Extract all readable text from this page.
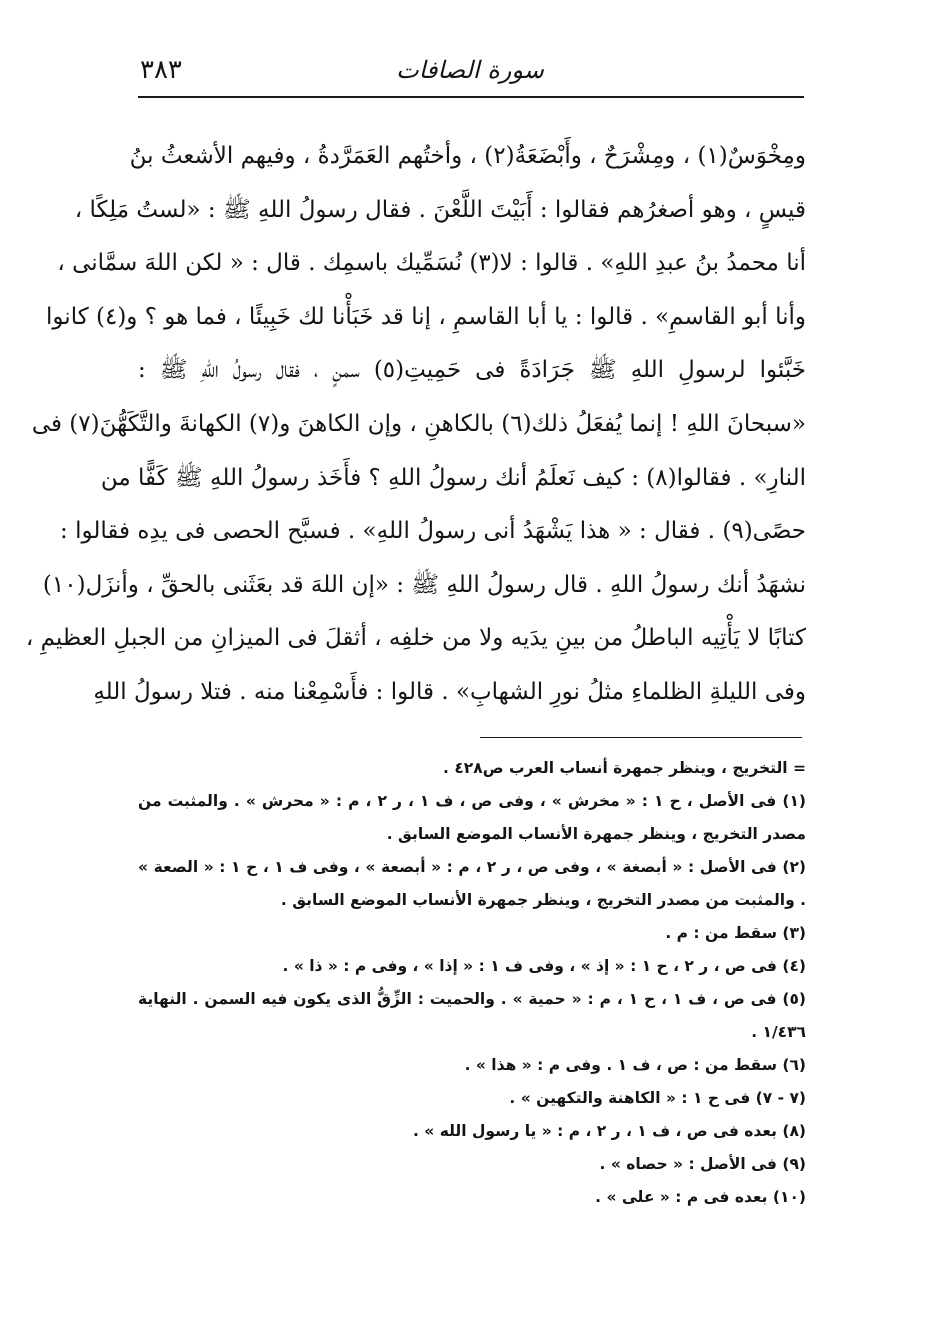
٣٨٣	سورة الصافات
ومِخْوَسٌ(١) ، ومِشْرَحٌ ، وأَبْضَعَةُ(٢) ، وأختُهم العَمَرَّدةُ ، وفيهم الأشعثُ بنُ
قيسٍ ، وهو أصغرُهم فقالوا : أَبَيْتَ اللَّعْنَ . فقال رسولُ اللهِ ﷺ : «لستُ مَلِكًا ،
أنا محمدُ بنُ عبدِ اللهِ» . قالوا : لا(٣) نُسَمِّيك باسمِك . قال : « لكن اللهَ سمَّانى ،
وأنا أبو القاسمِ» . قالوا : يا أبا القاسمِ ، إنا قد خَبَأْنا لك خَبِيئًا ، فما هو ؟ و(٤) كانوا
خَبَّئوا لرسولِ اللهِ ﷺ جَرَادَةً فى حَمِيتِ(٥) سمنٍ ، فقال رسولُ اللهِ ﷺ :
«سبحانَ اللهِ ! إنما يُفعَلُ ذلك(٦) بالكاهنِ ، وإن الكاهنَ و(٧) الكهانةَ والتَّكَهُّنَ(٧) فى
النارِ» . فقالوا(٨) : كيف نَعلَمُ أنك رسولُ اللهِ ؟ فأَخَذ رسولُ اللهِ ﷺ كَفًّا من
حصًى(٩) . فقال : « هذا يَشْهَدُ أنى رسولُ اللهِ» . فسبَّح الحصى فى يدِه فقالوا :
نشهَدُ أنك رسولُ اللهِ . قال رسولُ اللهِ ﷺ : «إن اللهَ قد بعَثَنى بالحقِّ ، وأنزَل(١٠)
كتابًا لا يَأْتِيه الباطلُ من بينِ يدَيه ولا من خلفِه ، أثقلَ فى الميزانِ من الجبلِ العظيمِ ،
وفى الليلةِ الظلماءِ مثلُ نورِ الشهابِ» . قالوا : فأَسْمِعْنا منه . فتلا رسولُ اللهِ
= التخريج ، وينظر جمهرة أنساب العرب ص٤٢٨ .
(١) فى الأصل ، ح ١ : « مخرش » ، وفى ص ، ف ١ ، ر ٢ ، م : « محرش » . والمثبت من مصدر التخريج ، وينظر جمهرة الأنساب الموضع السابق .
(٢) فى الأصل : « أبصغة » ، وفى ص ، ر ٢ ، م : « أبصعة » ، وفى ف ١ ، ح ١ : « الصعة » . والمثبت من مصدر التخريج ، وينظر جمهرة الأنساب الموضع السابق .
(٣) سقط من : م .
(٤) فى ص ، ر ٢ ، ح ١ : « إذ » ، وفى ف ١ : « إذا » ، وفى م : « ذا » .
(٥) فى ص ، ف ١ ، ح ١ ، م : « حمية » . والحميت : الزِّقُّ الذى يكون فيه السمن . النهاية ١/٤٣٦ .
(٦) سقط من : ص ، ف ١ . وفى م : « هذا » .
(٧ - ٧) فى ح ١ : « الكاهنة والتكهين » .
(٨) بعده فى ص ، ف ١ ، ر ٢ ، م : « يا رسول الله » .
(٩) فى الأصل : « حصاه » .
(١٠) بعده فى م : « على » .
